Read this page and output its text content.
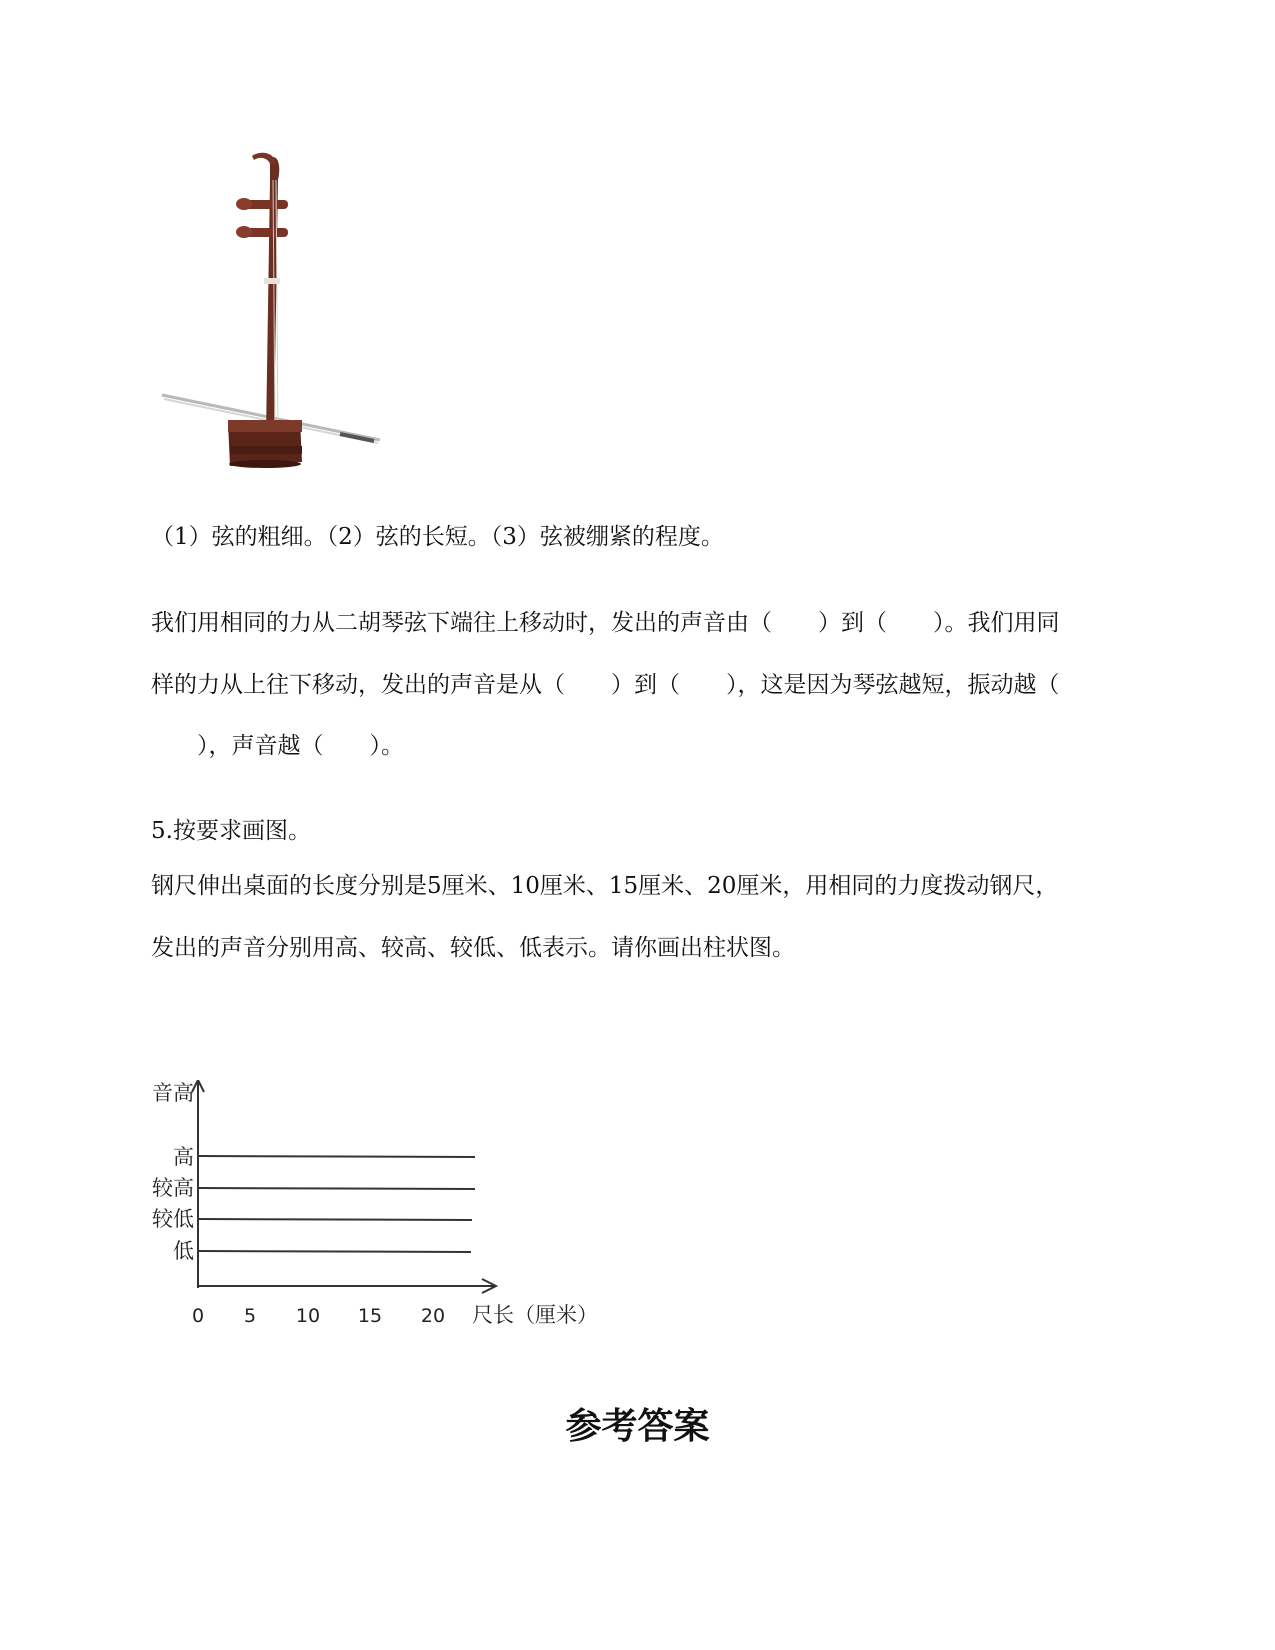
（1）弦的粗细。（2）弦的长短。（3）弦被绷紧的程度。

我们用相同的力从二胡琴弦下端往上移动时，发出的声音由（　　）到（　　）。我们用同

样的力从上往下移动，发出的声音是从（　　）到（　　），这是因为琴弦越短，振动越（

　　），声音越（　　）。

5.按要求画图。

钢尺伸出桌面的长度分别是5厘米、10厘米、15厘米、20厘米，用相同的力度拨动钢尺，

发出的声音分别用高、较高、较低、低表示。请你画出柱状图。

音高
高
较高
较低
低
0 5 10 15 20 尺长（厘米）
参考答案
